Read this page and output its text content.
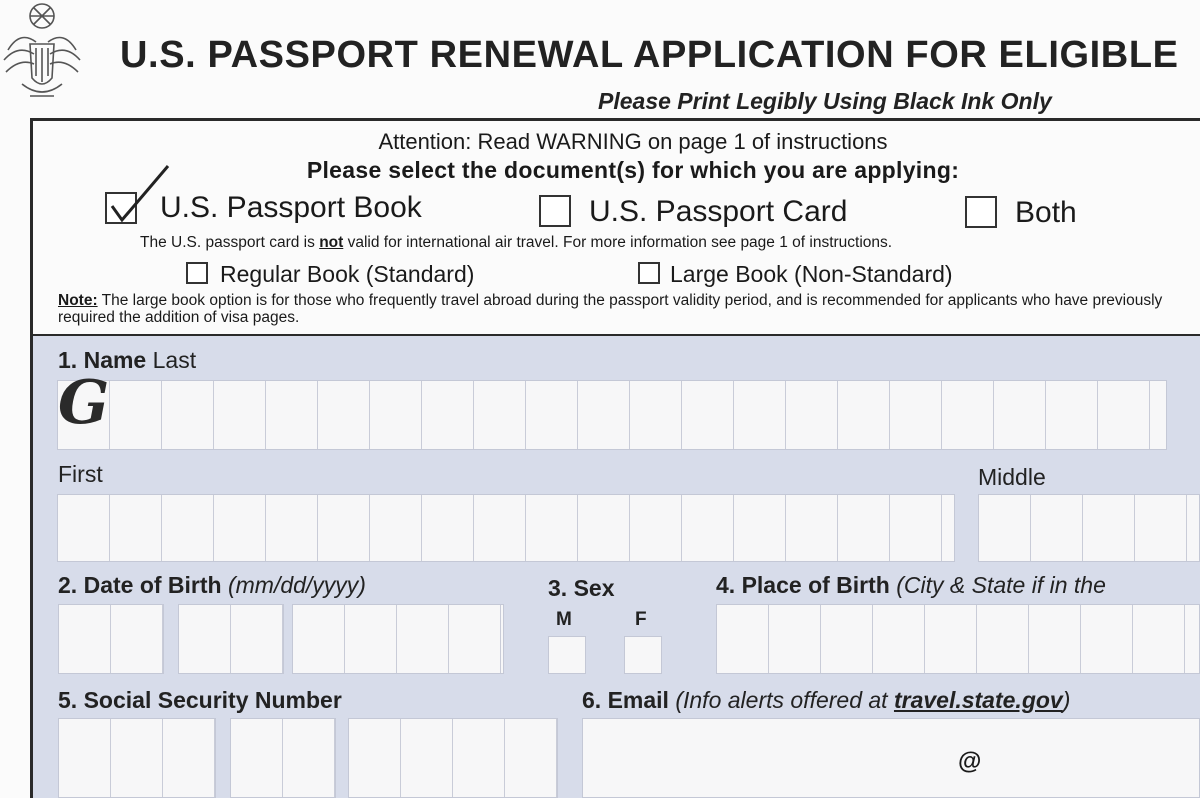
U.S. PASSPORT RENEWAL APPLICATION FOR ELIGIBLE
Please Print Legibly Using Black Ink Only
Attention: Read WARNING on page 1 of instructions
Please select the document(s) for which you are applying:
U.S. Passport Book	U.S. Passport Card	Both
The U.S. passport card is not valid for international air travel. For more information see page 1 of instructions.
Regular Book (Standard)	Large Book (Non-Standard)
Note: The large book option is for those who frequently travel abroad during the passport validity period, and is recommended for applicants who have previously required the addition of visa pages.
1. Name Last
G
First	Middle
2. Date of Birth (mm/dd/yyyy)	3. Sex
M	F
4. Place of Birth (City & State if in the
5. Social Security Number	6. Email (Info alerts offered at travel.state.gov)
@
